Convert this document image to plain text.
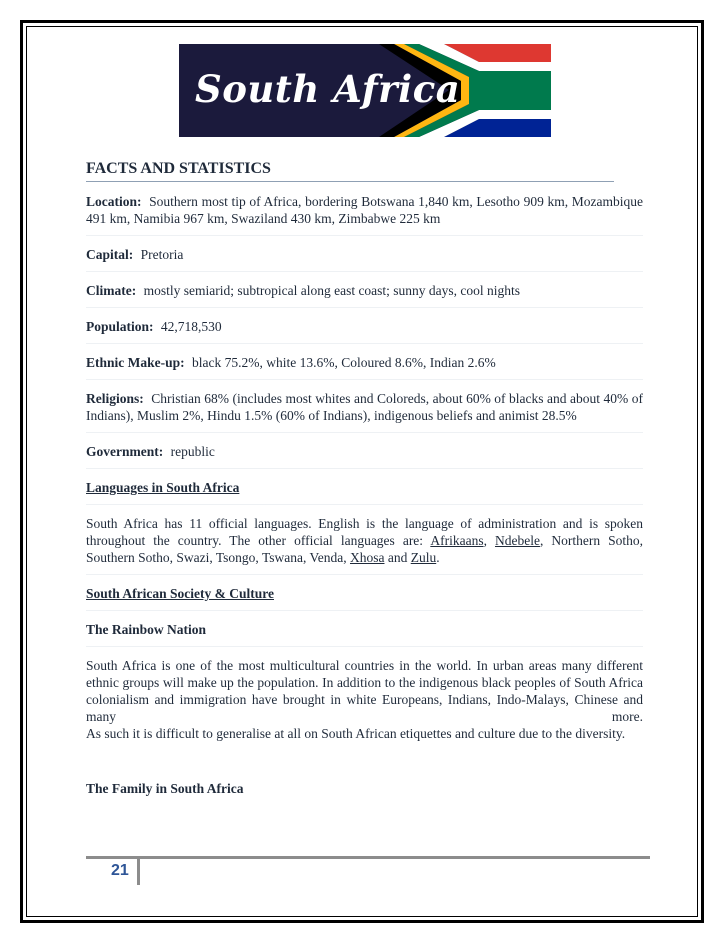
South Africa
FACTS AND STATISTICS

Location: Southern most tip of Africa, bordering Botswana 1,840 km, Lesotho 909 km, Mozambique 491 km, Namibia 967 km, Swaziland 430 km, Zimbabwe 225 km

Capital: Pretoria

Climate: mostly semiarid; subtropical along east coast; sunny days, cool nights

Population: 42,718,530

Ethnic Make-up: black 75.2%, white 13.6%, Coloured 8.6%, Indian 2.6%

Religions: Christian 68% (includes most whites and Coloreds, about 60% of blacks and about 40% of Indians), Muslim 2%, Hindu 1.5% (60% of Indians), indigenous beliefs and animist 28.5%

Government: republic

Languages in South Africa

South Africa has 11 official languages. English is the language of administration and is spoken throughout the country. The other official languages are: Afrikaans, Ndebele, Northern Sotho, Southern Sotho, Swazi, Tsongo, Tswana, Venda, Xhosa and Zulu.

South African Society & Culture

The Rainbow Nation

South Africa is one of the most multicultural countries in the world. In urban areas many different ethnic groups will make up the population. In addition to the indigenous black peoples of South Africa colonialism and immigration have brought in white Europeans, Indians, Indo-Malays, Chinese and many more.
As such it is difficult to generalise at all on South African etiquettes and culture due to the diversity.

The Family in South Africa

21
